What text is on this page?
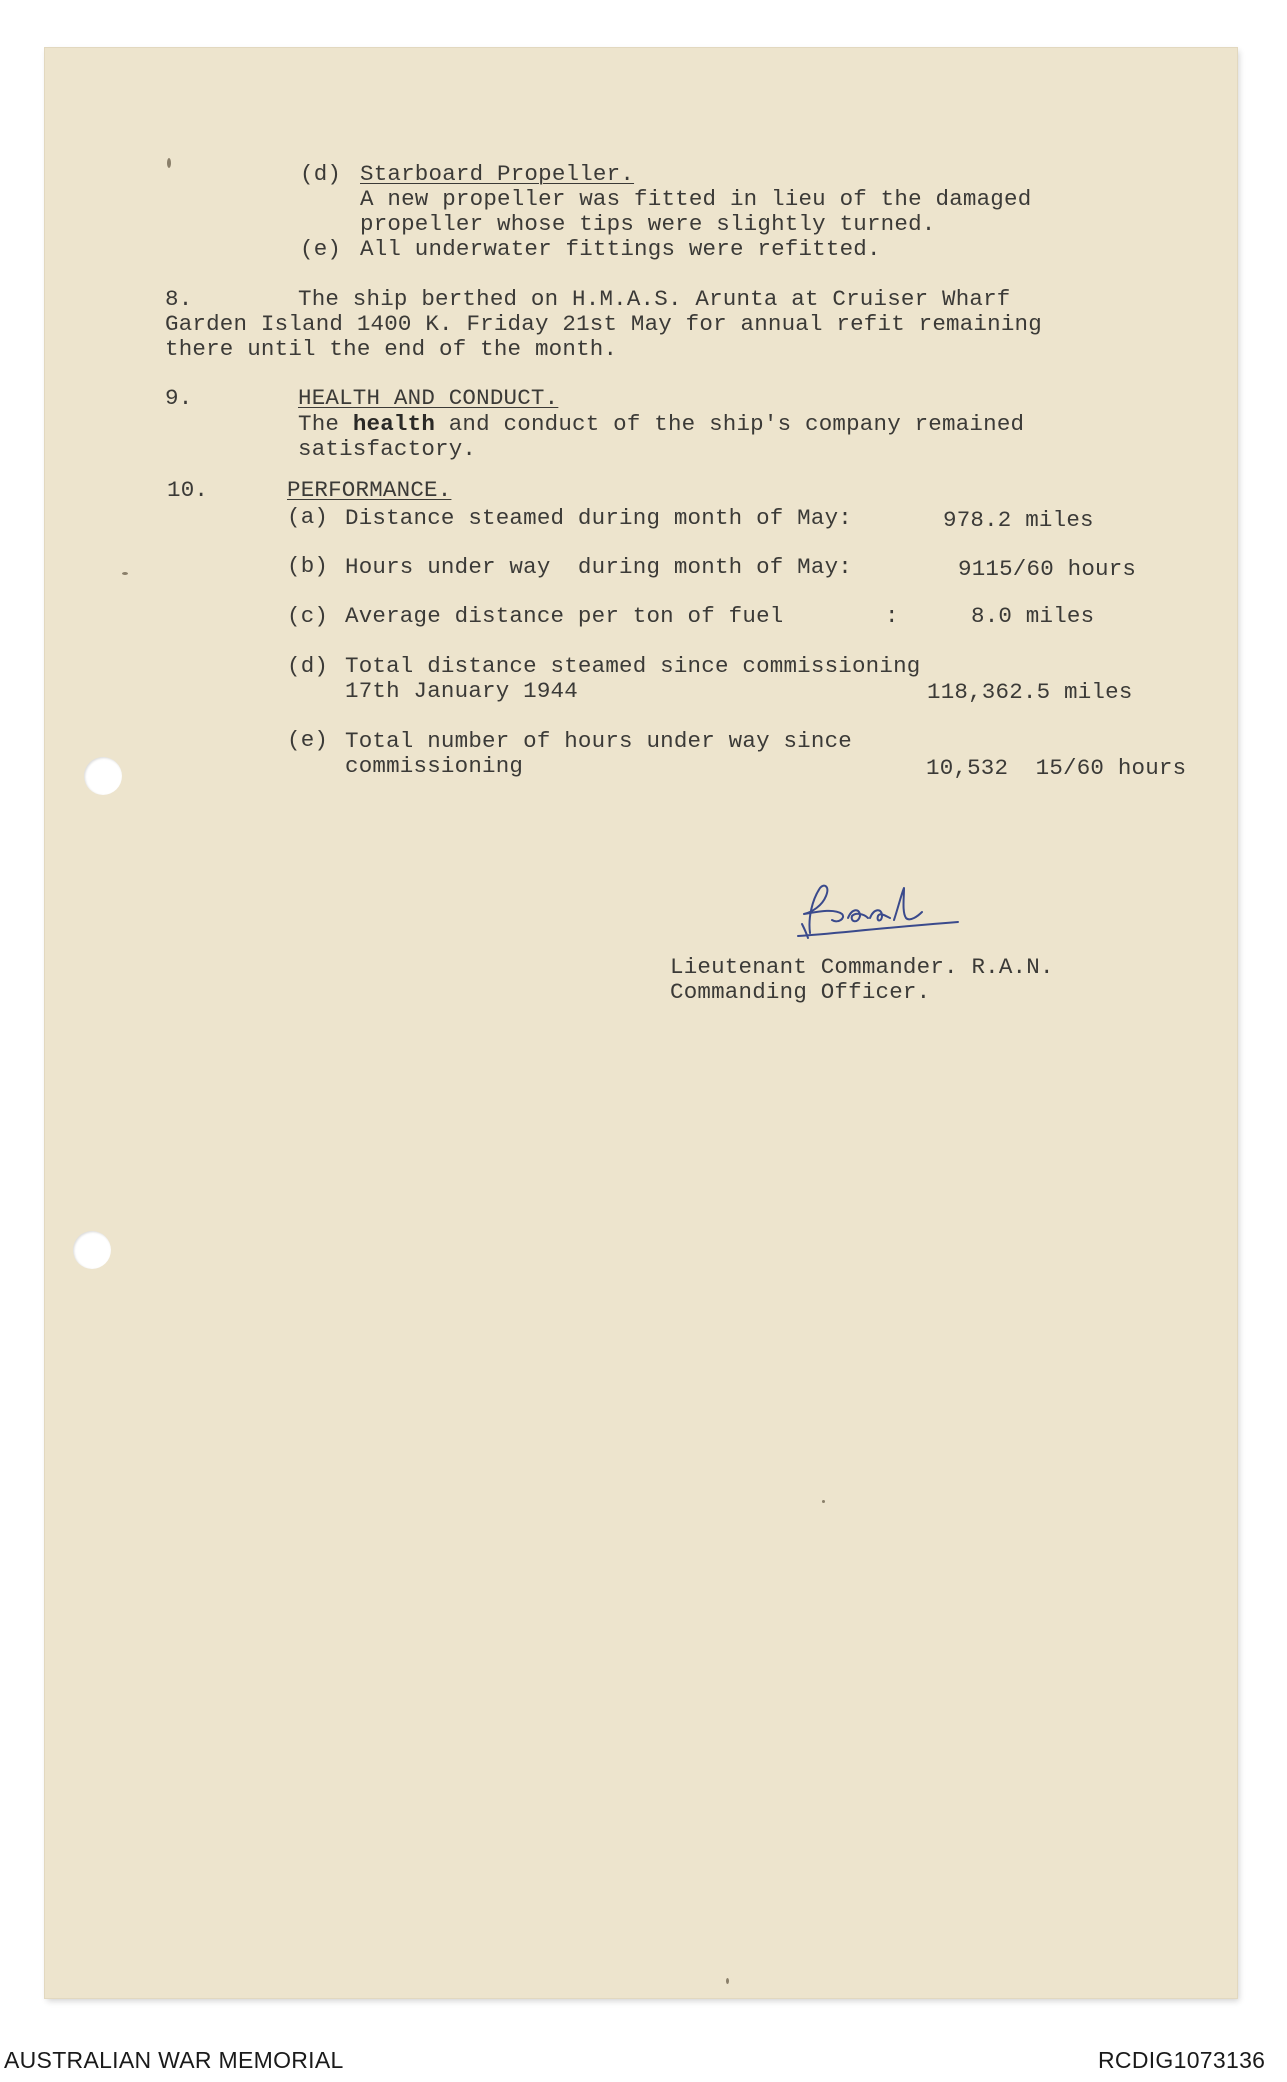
(d) Starboard Propeller.
A new propeller was fitted in lieu of the damaged
propeller whose tips were slightly turned.
(e) All underwater fittings were refitted.
8.	The ship berthed on H.M.A.S. Arunta at Cruiser Wharf
Garden Island 1400 K. Friday 21st May for annual refit remaining
there until the end of the month.
9.	HEALTH AND CONDUCT.
The health and conduct of the ship's company remained
satisfactory.
10.	PERFORMANCE.
(a) Distance steamed during month of May:	978.2 miles
(b) Hours under way  during month of May:	9115/60 hours
(c) Average distance per ton of fuel	:	8.0 miles
(d) Total distance steamed since commissioning
17th January 1944	118,362.5 miles
(e) Total number of hours under way since
commissioning	10,532  15/60 hours
Lieutenant Commander. R.A.N.
Commanding Officer.
AUSTRALIAN WAR MEMORIAL	RCDIG1073136
